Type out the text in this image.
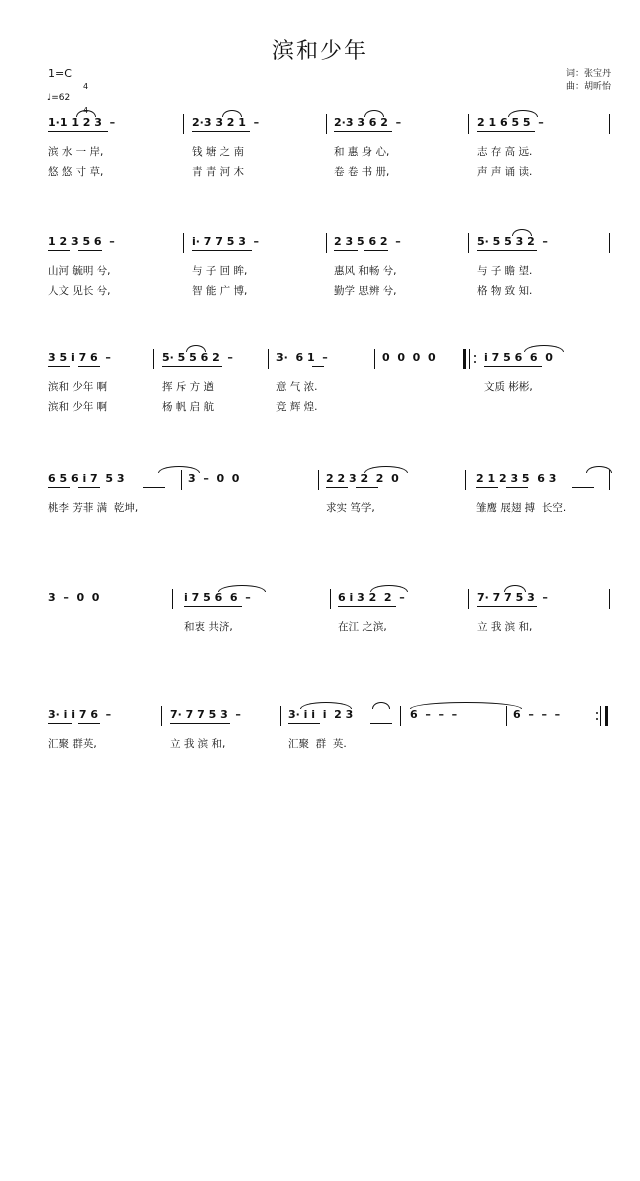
滨和少年
1=C

4

4

♩=62
词：张宝丹
曲：胡昕怡

1·1 1 2 3  –

	2·3 3 2 1  –

	2·3 3 6 2  –

	2 1 6 5 5  –

滨 水 一 岸,

	钱 塘 之 南

	和 惠 身 心,

	志 存 高 远.

悠 悠 寸 草,

	青 青 河 木

	卷 卷 书 册,

	声 声 诵 读.

1 2 3 5 6  –

	i· 7 7 5 3  –

	2 3 5 6 2  –

	5· 5 5 3 2  –

山河 毓明 兮,

	与 子 回 眸,

	惠风 和畅 兮,

	与 子 瞻 望.

人文 见长 兮,

	智 能 广 博,

	勤学 思辨 兮,

	格 物 致 知.

3 5 i 7 6  –

	5· 5 5 6 2  –

	3·  6 1  –

	0  0  0  0

	i 7 5 6  6  0

滨和 少年 啊

	挥 斥 方 遒

	意 气 浓.

	文质 彬彬,

滨和 少年 啊

	杨 帆 启 航

	竞 辉 煌.

6 5 6 i 7  5 3

	3  –  0  0

	2 2 3 2  2  0

	2 1 2 3 5  6 3

桃李 芳菲 满  乾坤,

	求实 笃学,

	雏鹰 展翅 搏  长空.

3  –  0  0

	i 7 5 6  6  –

	6 i 3 2  2  –

	7· 7 7 5 3  –

和衷 共济,

	在江 之滨,

	立 我 滨 和,

3· i i 7 6  –

	7· 7 7 5 3  –

	3· i i  i  2 3

	6  –  –  –

	6  –  –  –

汇聚 群英,

	立 我 滨 和,

	汇聚  群  英.
